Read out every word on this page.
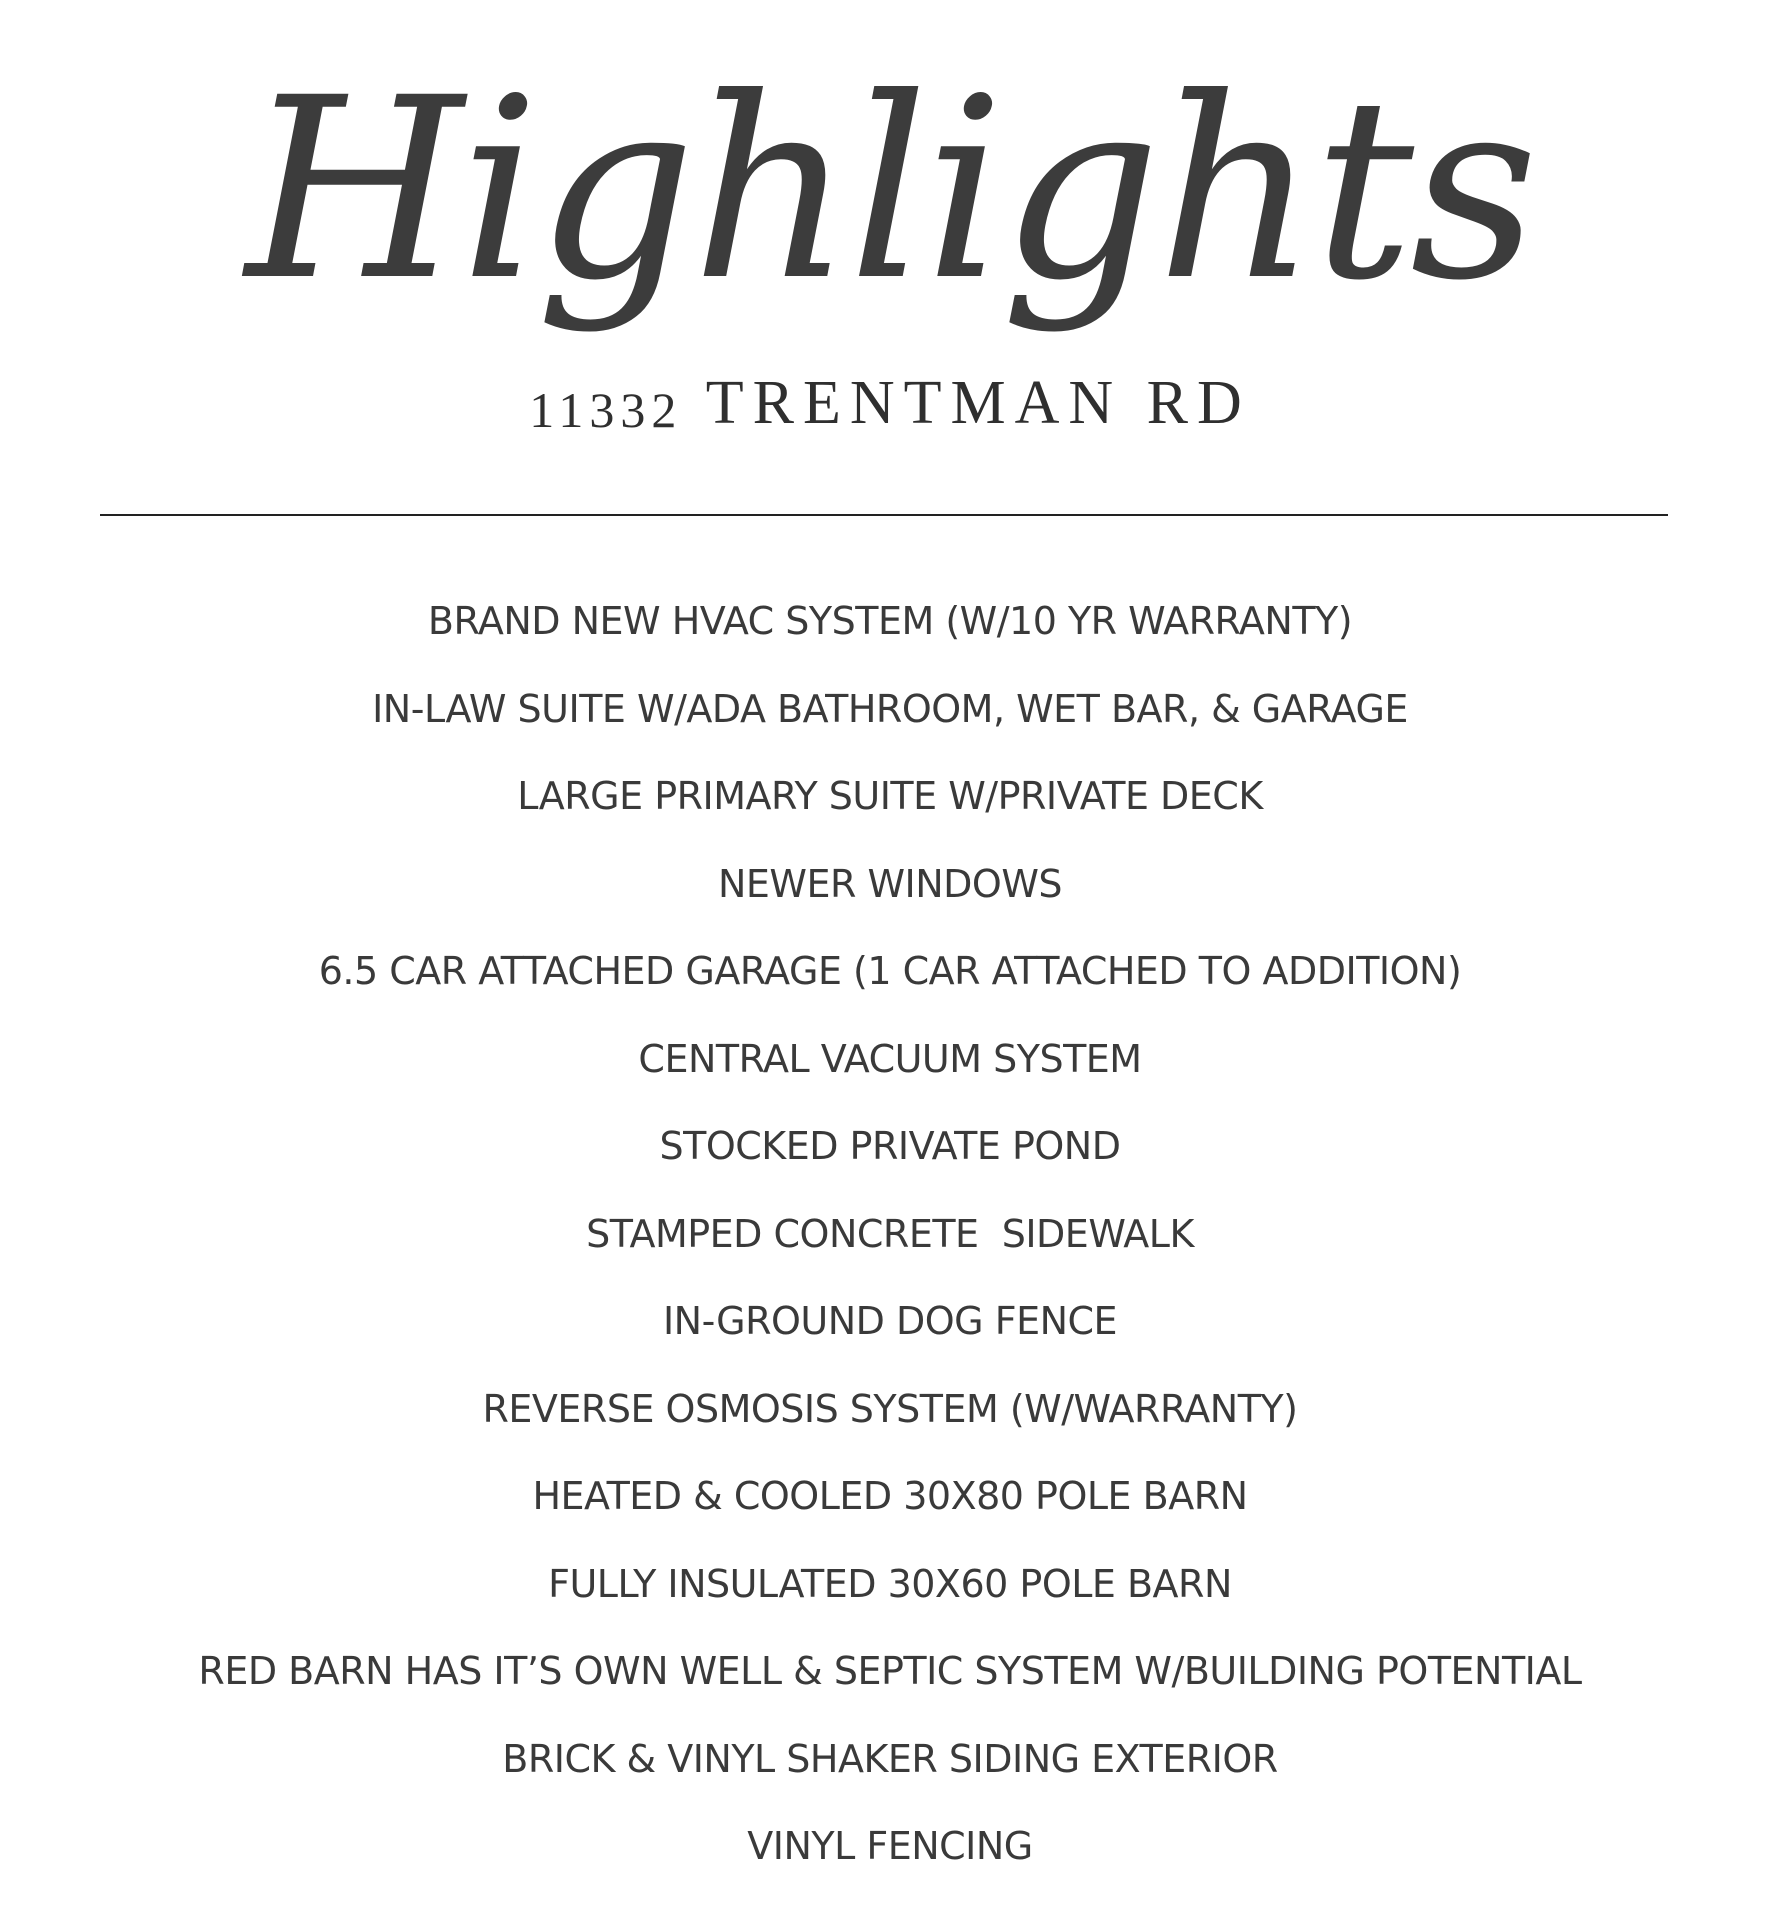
Highlights
11332 TRENTMAN RD
BRAND NEW HVAC SYSTEM (W/10 YR WARRANTY)
IN-LAW SUITE W/ADA BATHROOM, WET BAR, & GARAGE
LARGE PRIMARY SUITE W/PRIVATE DECK
NEWER WINDOWS
6.5 CAR ATTACHED GARAGE (1 CAR ATTACHED TO ADDITION)
CENTRAL VACUUM SYSTEM
STOCKED PRIVATE POND
STAMPED CONCRETE  SIDEWALK
IN-GROUND DOG FENCE
REVERSE OSMOSIS SYSTEM (W/WARRANTY)
HEATED & COOLED 30X80 POLE BARN
FULLY INSULATED 30X60 POLE BARN
RED BARN HAS IT’S OWN WELL & SEPTIC SYSTEM W/BUILDING POTENTIAL
BRICK & VINYL SHAKER SIDING EXTERIOR
VINYL FENCING
